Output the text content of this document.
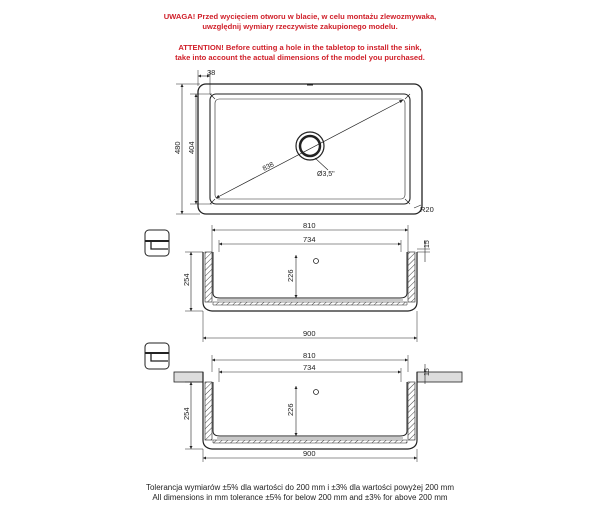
UWAGA! Przed wycięciem otworu w blacie, w celu montażu zlewozmywaka,
uwzględnij wymiary rzeczywiste zakupionego modelu.
ATTENTION! Before cutting a hole in the tabletop to install the sink,
take into account the actual dimensions of the model you purchased.
38
480 404
838
Ø3,5"
R20
810
734
15
254	226
900
810
734
15
254	226
900
Tolerancja wymiarów ±5% dla wartości do 200 mm i ±3% dla wartości powyżej 200 mm
All dimensions in mm tolerance ±5% for below 200 mm and ±3% for above 200 mm
